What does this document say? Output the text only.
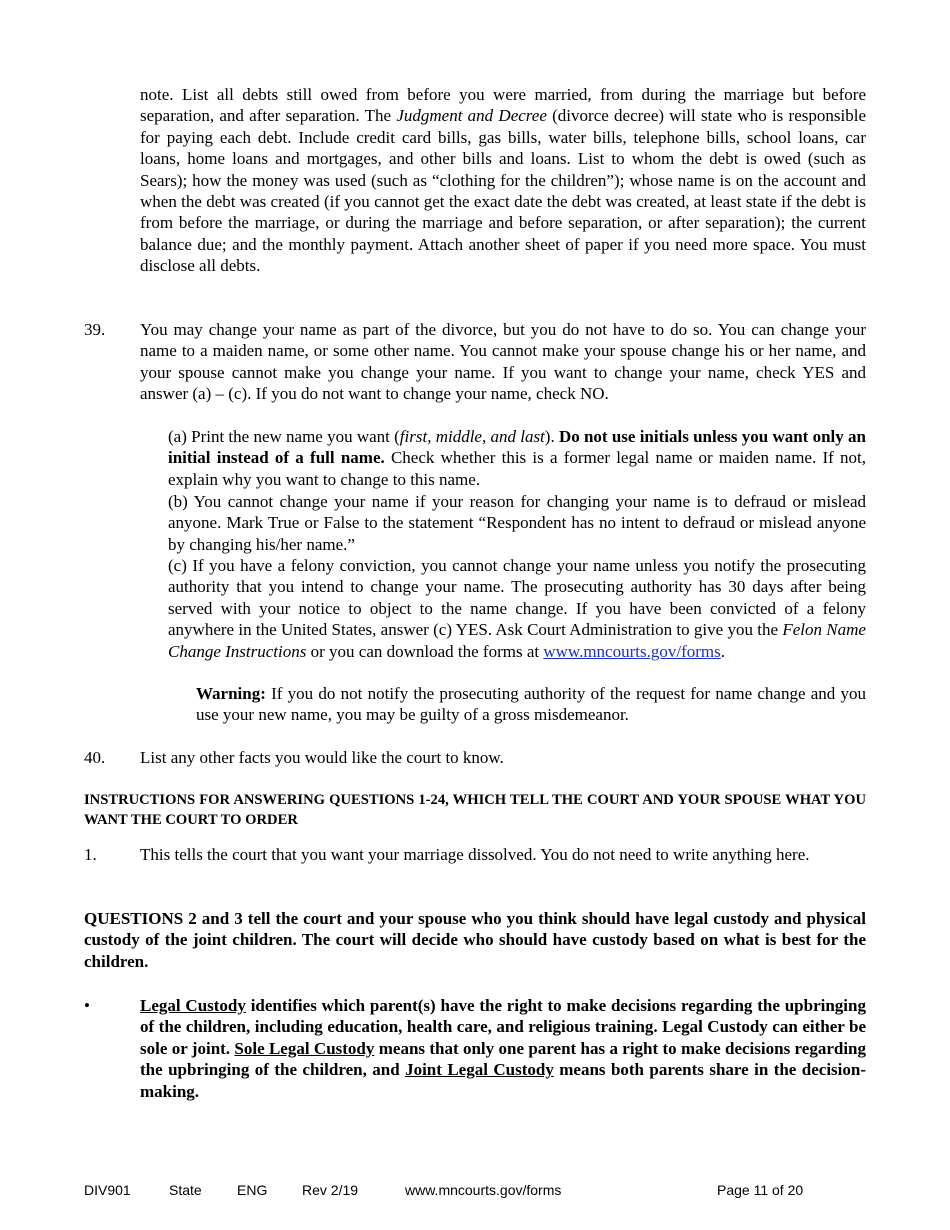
note. List all debts still owed from before you were married, from during the marriage but before separation, and after separation. The Judgment and Decree (divorce decree) will state who is responsible for paying each debt. Include credit card bills, gas bills, water bills, telephone bills, school loans, car loans, home loans and mortgages, and other bills and loans. List to whom the debt is owed (such as Sears); how the money was used (such as “clothing for the children”); whose name is on the account and when the debt was created (if you cannot get the exact date the debt was created, at least state if the debt is from before the marriage, or during the marriage and before separation, or after separation); the current balance due; and the monthly payment. Attach another sheet of paper if you need more space. You must disclose all debts.

39. You may change your name as part of the divorce, but you do not have to do so. You can change your name to a maiden name, or some other name. You cannot make your spouse change his or her name, and your spouse cannot make you change your name. If you want to change your name, check YES and answer (a) – (c). If you do not want to change your name, check NO.

(a) Print the new name you want (first, middle, and last). Do not use initials unless you want only an initial instead of a full name. Check whether this is a former legal name or maiden name. If not, explain why you want to change to this name.

(b) You cannot change your name if your reason for changing your name is to defraud or mislead anyone. Mark True or False to the statement “Respondent has no intent to defraud or mislead anyone by changing his/her name.”

(c) If you have a felony conviction, you cannot change your name unless you notify the prosecuting authority that you intend to change your name. The prosecuting authority has 30 days after being served with your notice to object to the name change. If you have been convicted of a felony anywhere in the United States, answer (c) YES. Ask Court Administration to give you the Felon Name Change Instructions or you can download the forms at www.mncourts.gov/forms.

Warning: If you do not notify the prosecuting authority of the request for name change and you use your new name, you may be guilty of a gross misdemeanor.

40. List any other facts you would like the court to know.

INSTRUCTIONS FOR ANSWERING QUESTIONS 1-24, WHICH TELL THE COURT AND YOUR SPOUSE WHAT YOU WANT THE COURT TO ORDER

1.	This tells the court that you want your marriage dissolved. You do not need to write anything here.

QUESTIONS 2 and 3 tell the court and your spouse who you think should have legal custody and physical custody of the joint children. The court will decide who should have custody based on what is best for the children.

•	Legal Custody identifies which parent(s) have the right to make decisions regarding the upbringing of the children, including education, health care, and religious training. Legal Custody can either be sole or joint. Sole Legal Custody means that only one parent has a right to make decisions regarding the upbringing of the children, and Joint Legal Custody means both parents share in the decision-making.

DIV901	State	ENG Rev 2/19	www.mncourts.gov/forms	Page 11 of 20
